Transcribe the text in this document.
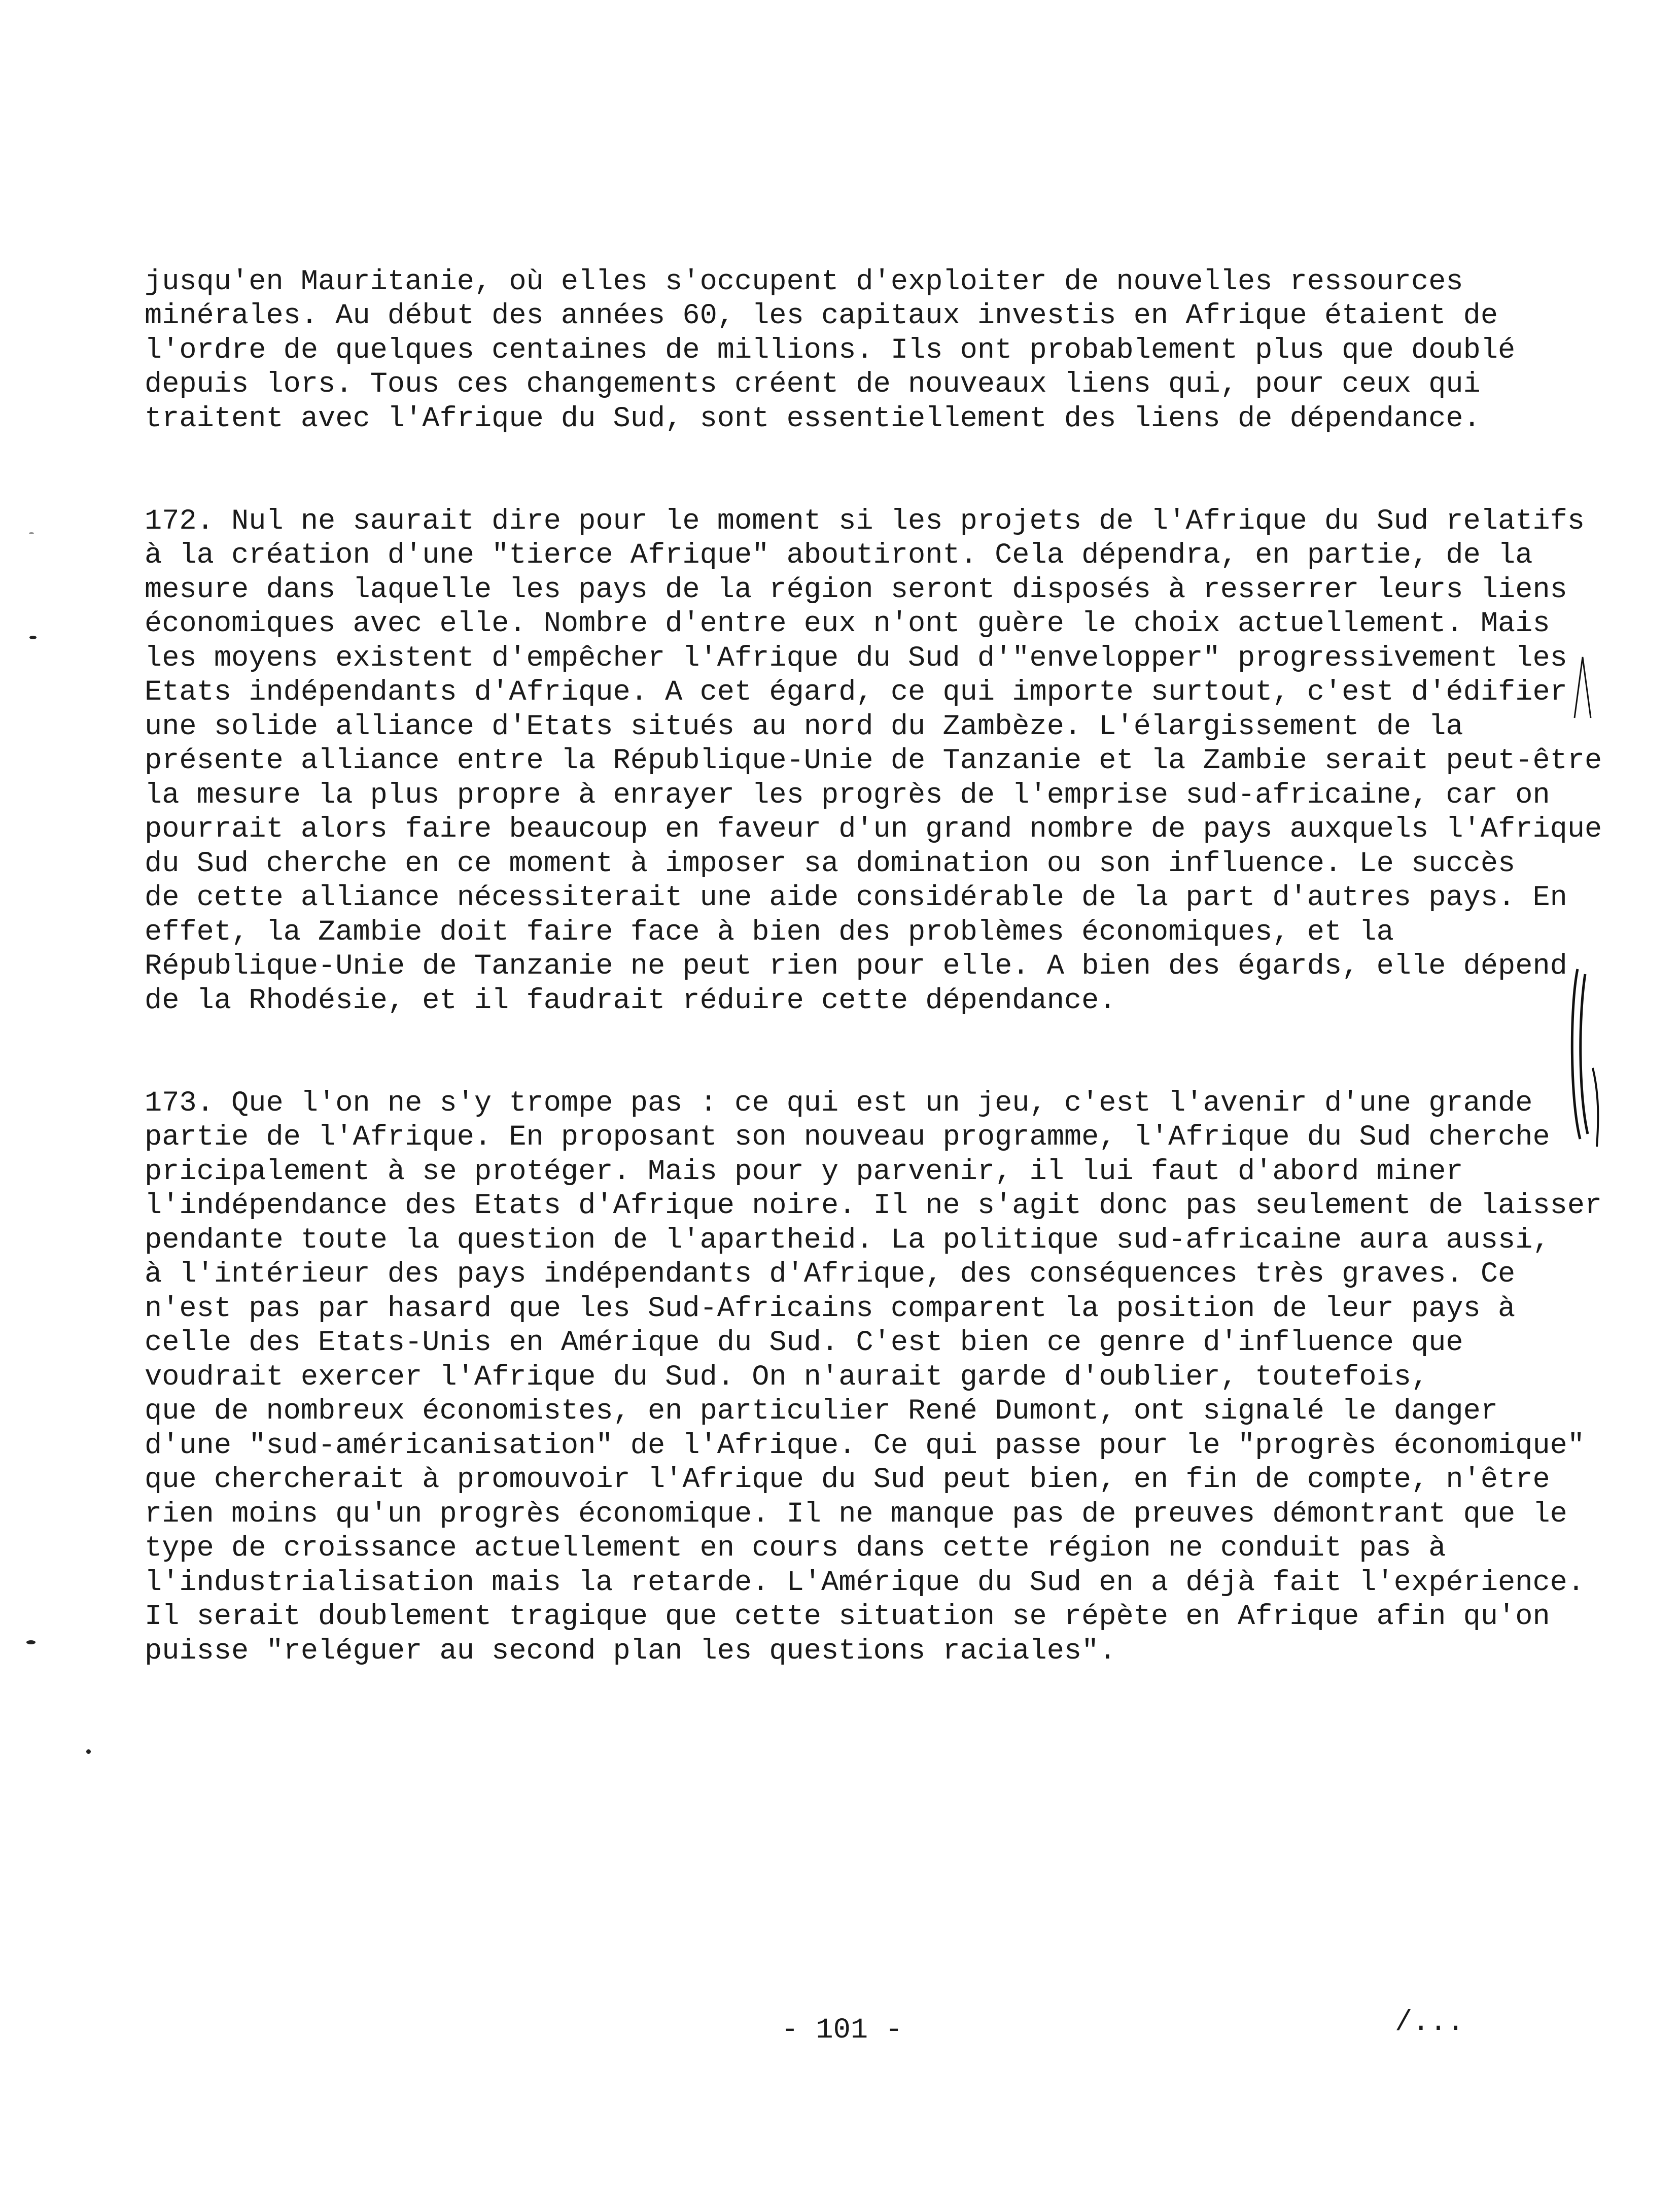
jusqu'en Mauritanie, où elles s'occupent d'exploiter de nouvelles ressources
minérales. Au début des années 60, les capitaux investis en Afrique étaient de
l'ordre de quelques centaines de millions. Ils ont probablement plus que doublé
depuis lors. Tous ces changements créent de nouveaux liens qui, pour ceux qui
traitent avec l'Afrique du Sud, sont essentiellement des liens de dépendance.

172. Nul ne saurait dire pour le moment si les projets de l'Afrique du Sud relatifs
à la création d'une "tierce Afrique" aboutiront. Cela dépendra, en partie, de la
mesure dans laquelle les pays de la région seront disposés à resserrer leurs liens
économiques avec elle. Nombre d'entre eux n'ont guère le choix actuellement. Mais
les moyens existent d'empêcher l'Afrique du Sud d'"envelopper" progressivement les
Etats indépendants d'Afrique. A cet égard, ce qui importe surtout, c'est d'édifier
une solide alliance d'Etats situés au nord du Zambèze. L'élargissement de la
présente alliance entre la République-Unie de Tanzanie et la Zambie serait peut-être
la mesure la plus propre à enrayer les progrès de l'emprise sud-africaine, car on
pourrait alors faire beaucoup en faveur d'un grand nombre de pays auxquels l'Afrique
du Sud cherche en ce moment à imposer sa domination ou son influence. Le succès
de cette alliance nécessiterait une aide considérable de la part d'autres pays. En
effet, la Zambie doit faire face à bien des problèmes économiques, et la
République-Unie de Tanzanie ne peut rien pour elle. A bien des égards, elle dépend
de la Rhodésie, et il faudrait réduire cette dépendance.

173. Que l'on ne s'y trompe pas : ce qui est un jeu, c'est l'avenir d'une grande
partie de l'Afrique. En proposant son nouveau programme, l'Afrique du Sud cherche
pricipalement à se protéger. Mais pour y parvenir, il lui faut d'abord miner
l'indépendance des Etats d'Afrique noire. Il ne s'agit donc pas seulement de laisser
pendante toute la question de l'apartheid. La politique sud-africaine aura aussi,
à l'intérieur des pays indépendants d'Afrique, des conséquences très graves. Ce
n'est pas par hasard que les Sud-Africains comparent la position de leur pays à
celle des Etats-Unis en Amérique du Sud. C'est bien ce genre d'influence que
voudrait exercer l'Afrique du Sud. On n'aurait garde d'oublier, toutefois,
que de nombreux économistes, en particulier René Dumont, ont signalé le danger
d'une "sud-américanisation" de l'Afrique. Ce qui passe pour le "progrès économique"
que chercherait à promouvoir l'Afrique du Sud peut bien, en fin de compte, n'être
rien moins qu'un progrès économique. Il ne manque pas de preuves démontrant que le
type de croissance actuellement en cours dans cette région ne conduit pas à
l'industrialisation mais la retarde. L'Amérique du Sud en a déjà fait l'expérience.
Il serait doublement tragique que cette situation se répète en Afrique afin qu'on
puisse "reléguer au second plan les questions raciales".

- 101 -	/...
